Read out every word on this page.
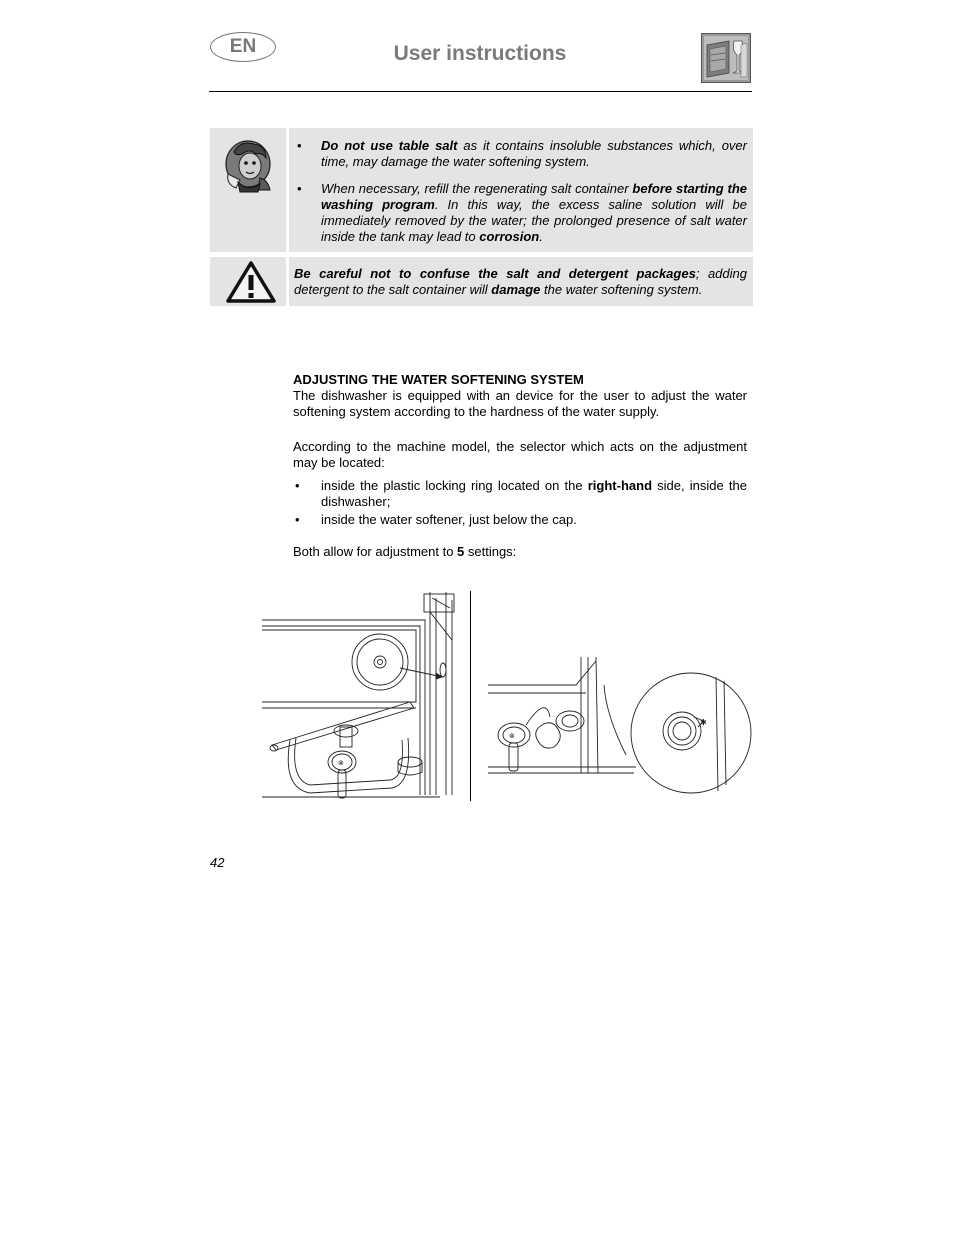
EN	User instructions
• Do not use table salt as it contains insoluble substances which, over time, may damage the water softening system.
• When necessary, refill the regenerating salt container before starting the washing program. In this way, the excess saline solution will be immediately removed by the water; the prolonged presence of salt water inside the tank may lead to corrosion.
Be careful not to confuse the salt and detergent packages; adding detergent to the salt container will damage the water softening system.
ADJUSTING THE WATER SOFTENING SYSTEM

The dishwasher is equipped with an device for the user to adjust the water softening system according to the hardness of the water supply.

According to the machine model, the selector which acts on the adjustment may be located:

• inside the plastic locking ring located on the right-hand side, inside the dishwasher;
• inside the water softener, just below the cap.
Both allow for adjustment to 5 settings:
⊗
⊗
✱
42
